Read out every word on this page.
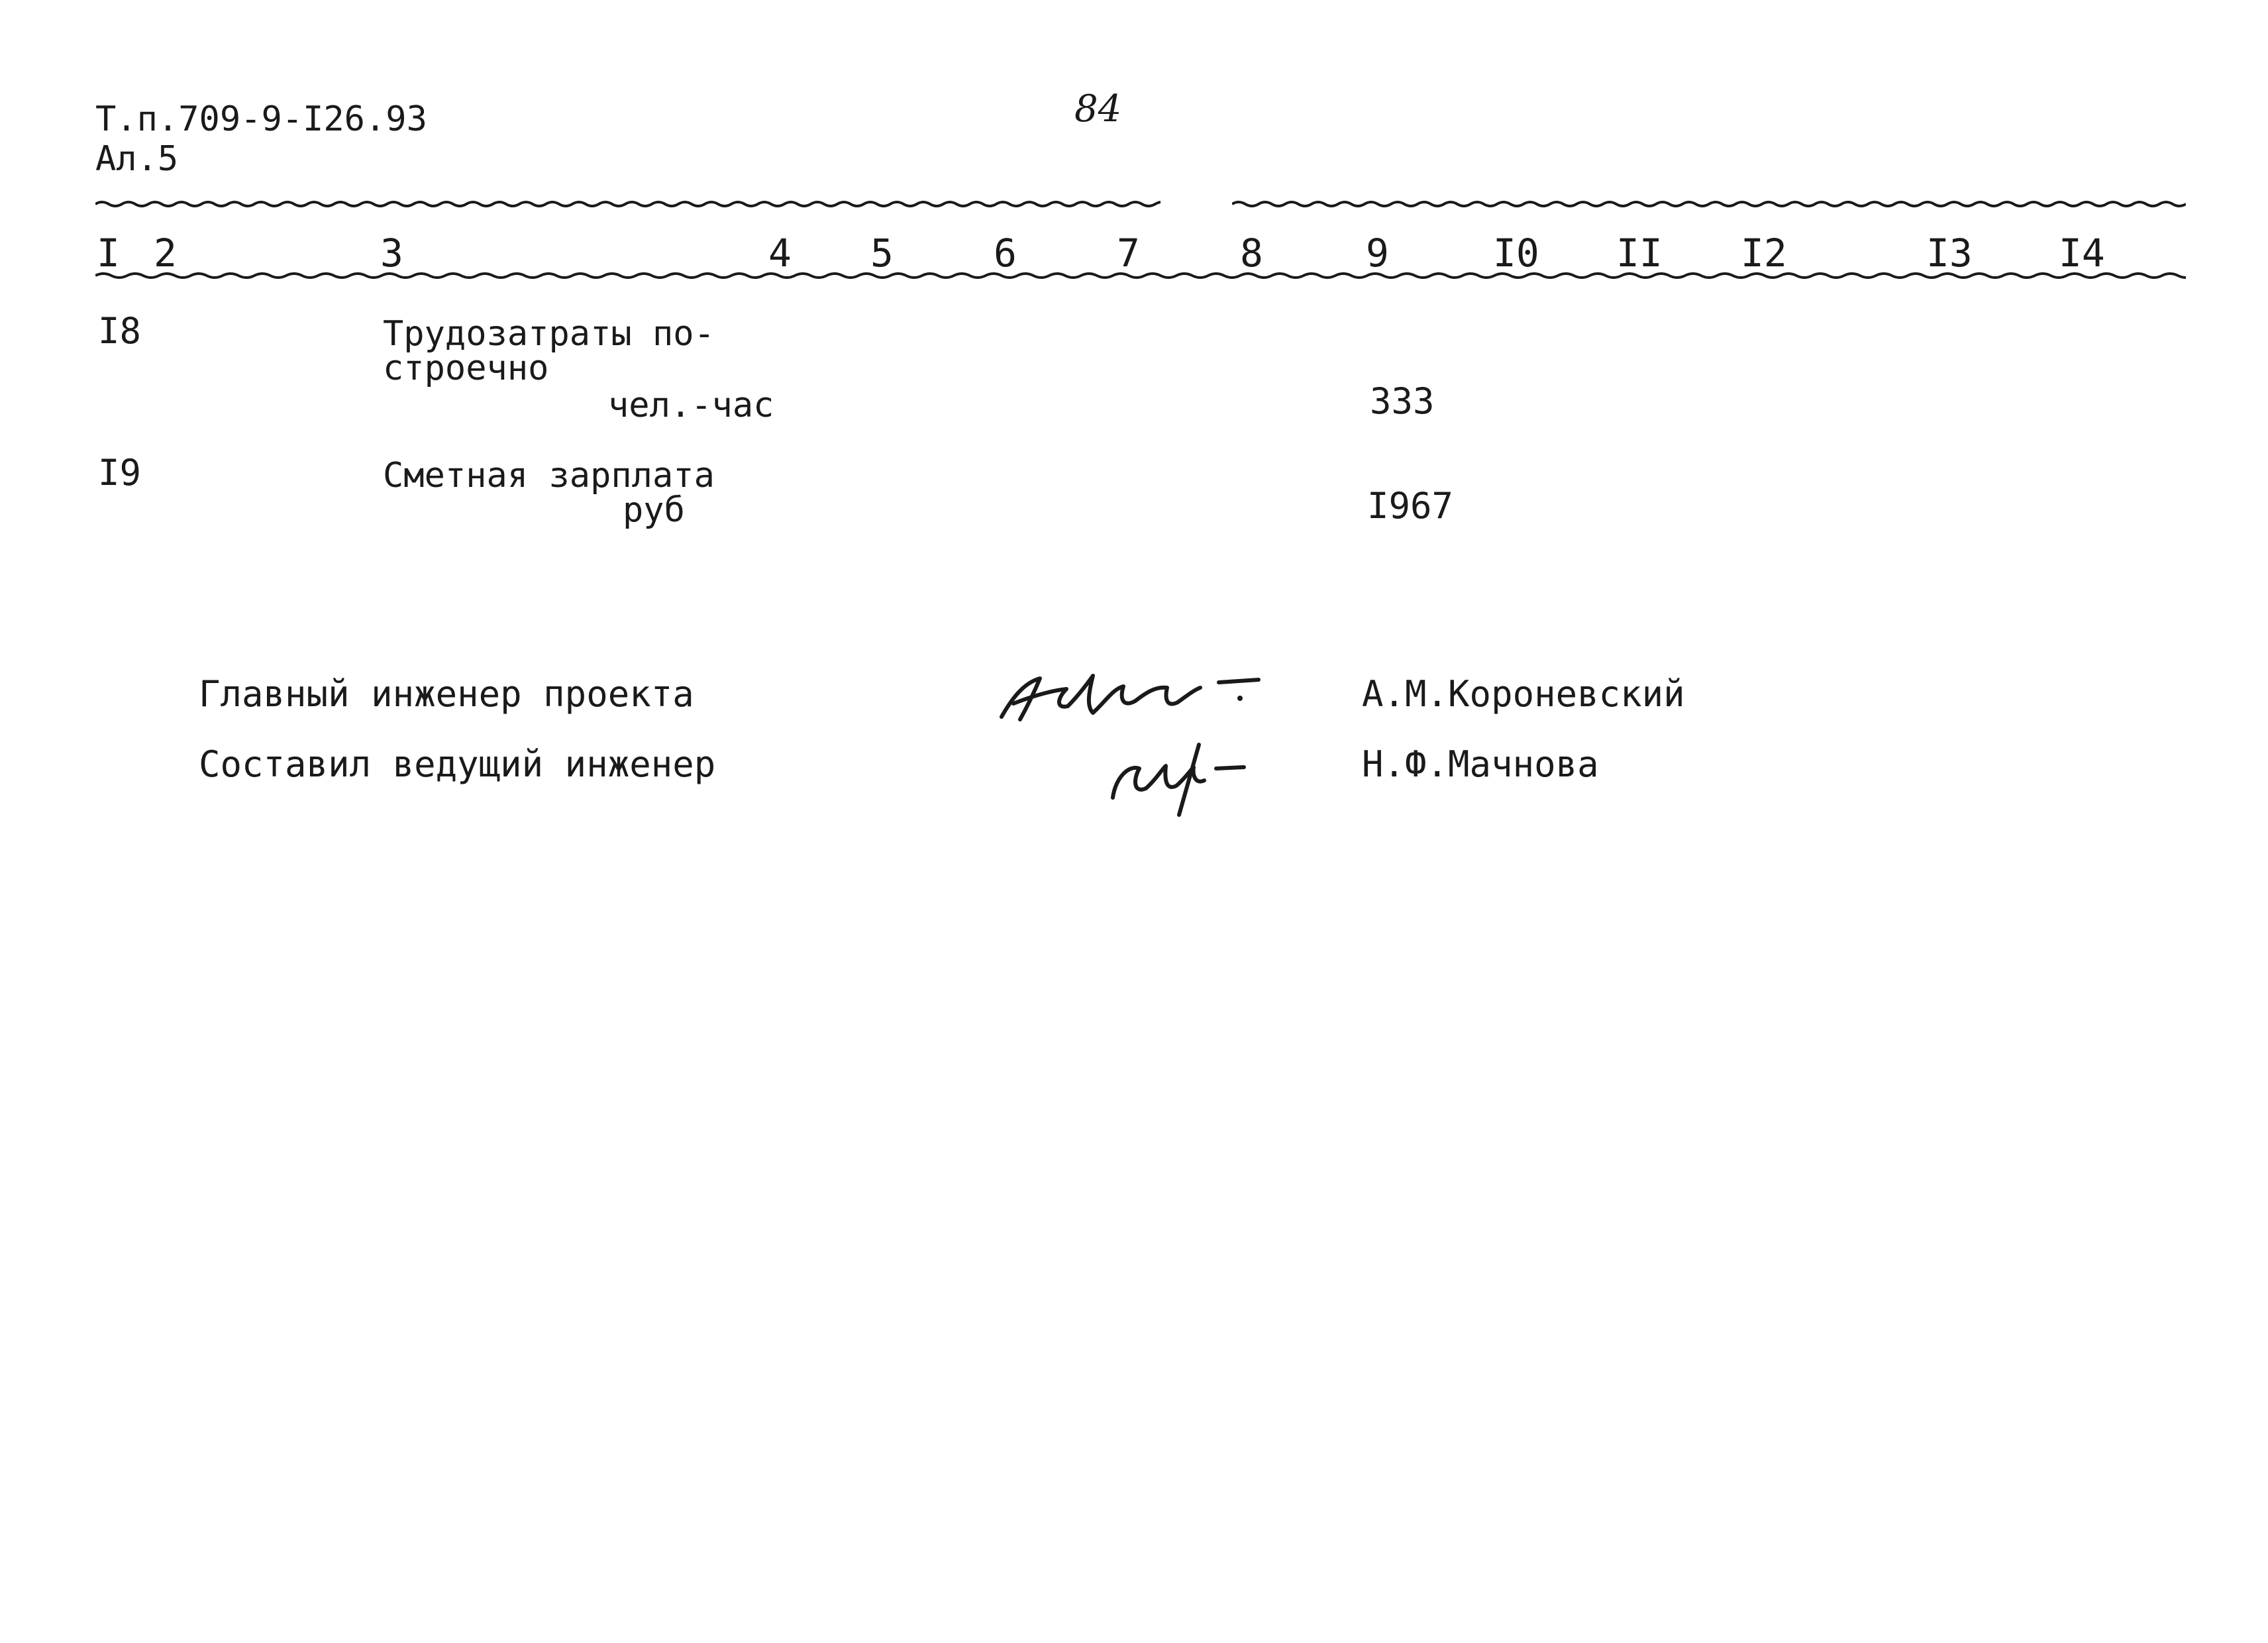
Т.п.709-9-I26.93
Ал.5
84
I 2	3	4 5	6	7	8	9	I0 II I2	I3 I4
I8	Трудозатраты по-
строечно
чел.-час	333
I9	Сметная зарплата
руб	I967
Главный инженер проекта
Составил ведущий инженер
А.М.Короневский
Н.Ф.Мачнова
